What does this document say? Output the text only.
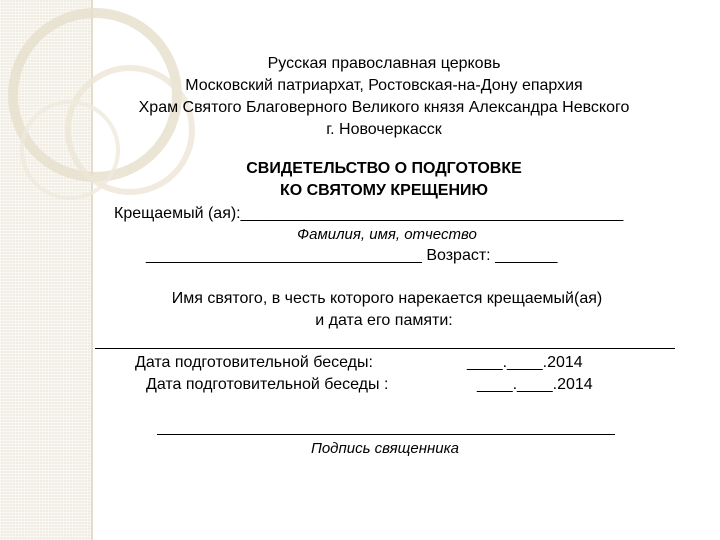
Русская православная церковь
Московский патриархат, Ростовская-на-Дону епархия
Храм Святого Благоверного Великого князя Александра Невского
г. Новочеркасск
СВИДЕТЕЛЬСТВО О ПОДГОТОВКЕ
КО СВЯТОМУ КРЕЩЕНИЮ
Крещаемый (ая):___________________________________________
Фамилия, имя, отчество
_______________________________ Возраст: _______
Имя святого, в честь которого нарекается крещаемый(ая)
и дата его памяти:
Дата подготовительной беседы:	____.____.2014
Дата подготовительной беседы :	____.____.2014
Подпись священника
